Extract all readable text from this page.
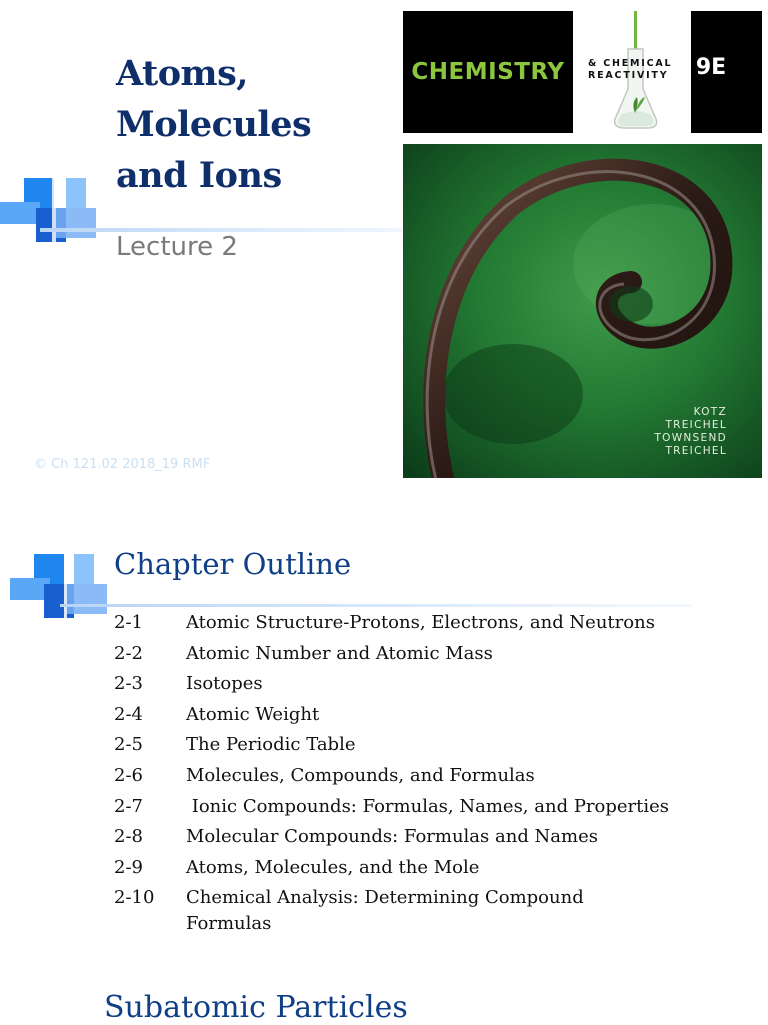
Atoms,
Molecules
and Ions

Lecture 2

© Ch 121.02 2018_19 RMF
CHEMISTRY & CHEMICAL
REACTIVITY	9E
KOTZ
TREICHEL
TOWNSEND
TREICHEL
Chapter Outline
2-1	Atomic Structure-Protons, Electrons, and Neutrons
2-2	Atomic Number and Atomic Mass
2-3	Isotopes
2-4	Atomic Weight
2-5	The Periodic Table
2-6	Molecules, Compounds, and Formulas
2-7	Ionic Compounds: Formulas, Names, and Properties
2-8	Molecular Compounds: Formulas and Names
2-9	Atoms, Molecules, and the Mole
2-10	Chemical Analysis: Determining Compound Formulas
Subatomic Particles
